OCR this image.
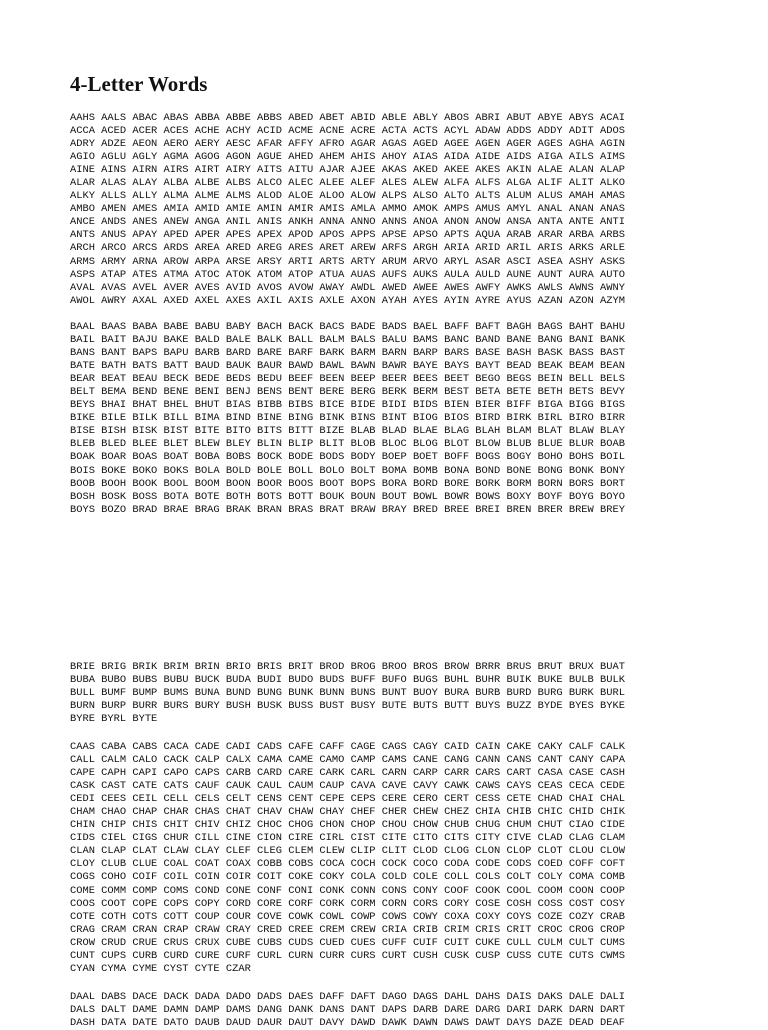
4-Letter Words
AAHS AALS ABAC ABAS ABBA ABBE ABBS ABED ABET ABID ABLE ABLY ABOS ABRI ABUT ABYE ABYS ACAI
ACCA ACED ACER ACES ACHE ACHY ACID ACME ACNE ACRE ACTA ACTS ACYL ADAW ADDS ADDY ADIT ADOS
ADRY ADZE AEON AERO AERY AESC AFAR AFFY AFRO AGAR AGAS AGED AGEE AGEN AGER AGES AGHA AGIN
AGIO AGLU AGLY AGMA AGOG AGON AGUE AHED AHEM AHIS AHOY AIAS AIDA AIDE AIDS AIGA AILS AIMS
AINE AINS AIRN AIRS AIRT AIRY AITS AITU AJAR AJEE AKAS AKED AKEE AKES AKIN ALAE ALAN ALAP
ALAR ALAS ALAY ALBA ALBE ALBS ALCO ALEC ALEE ALEF ALES ALEW ALFA ALFS ALGA ALIF ALIT ALKO
ALKY ALLS ALLY ALMA ALME ALMS ALOD ALOE ALOO ALOW ALPS ALSO ALTO ALTS ALUM ALUS AMAH AMAS
AMBO AMEN AMES AMIA AMID AMIE AMIN AMIR AMIS AMLA AMMO AMOK AMPS AMUS AMYL ANAL ANAN ANAS
ANCE ANDS ANES ANEW ANGA ANIL ANIS ANKH ANNA ANNO ANNS ANOA ANON ANOW ANSA ANTA ANTE ANTI
ANTS ANUS APAY APED APER APES APEX APOD APOS APPS APSE APSO APTS AQUA ARAB ARAR ARBA ARBS
ARCH ARCO ARCS ARDS AREA ARED AREG ARES ARET AREW ARFS ARGH ARIA ARID ARIL ARIS ARKS ARLE
ARMS ARMY ARNA AROW ARPA ARSE ARSY ARTI ARTS ARTY ARUM ARVO ARYL ASAR ASCI ASEA ASHY ASKS
ASPS ATAP ATES ATMA ATOC ATOK ATOM ATOP ATUA AUAS AUFS AUKS AULA AULD AUNE AUNT AURA AUTO
AVAL AVAS AVEL AVER AVES AVID AVOS AVOW AWAY AWDL AWED AWEE AWES AWFY AWKS AWLS AWNS AWNY
AWOL AWRY AXAL AXED AXEL AXES AXIL AXIS AXLE AXON AYAH AYES AYIN AYRE AYUS AZAN AZON AZYM
BAAL BAAS BABA BABE BABU BABY BACH BACK BACS BADE BADS BAEL BAFF BAFT BAGH BAGS BAHT BAHU
BAIL BAIT BAJU BAKE BALD BALE BALK BALL BALM BALS BALU BAMS BANC BAND BANE BANG BANI BANK
BANS BANT BAPS BAPU BARB BARD BARE BARF BARK BARM BARN BARP BARS BASE BASH BASK BASS BAST
BATE BATH BATS BATT BAUD BAUK BAUR BAWD BAWL BAWN BAWR BAYE BAYS BAYT BEAD BEAK BEAM BEAN
BEAR BEAT BEAU BECK BEDE BEDS BEDU BEEF BEEN BEEP BEER BEES BEET BEGO BEGS BEIN BELL BELS
BELT BEMA BEND BENE BENI BENJ BENS BENT BERE BERG BERK BERM BEST BETA BETE BETH BETS BEVY
BEYS BHAI BHAT BHEL BHUT BIAS BIBB BIBS BICE BIDE BIDI BIDS BIEN BIER BIFF BIGA BIGG BIGS
BIKE BILE BILK BILL BIMA BIND BINE BING BINK BINS BINT BIOG BIOS BIRD BIRK BIRL BIRO BIRR
BISE BISH BISK BIST BITE BITO BITS BITT BIZE BLAB BLAD BLAE BLAG BLAH BLAM BLAT BLAW BLAY
BLEB BLED BLEE BLET BLEW BLEY BLIN BLIP BLIT BLOB BLOC BLOG BLOT BLOW BLUB BLUE BLUR BOAB
BOAK BOAR BOAS BOAT BOBA BOBS BOCK BODE BODS BODY BOEP BOET BOFF BOGS BOGY BOHO BOHS BOIL
BOIS BOKE BOKO BOKS BOLA BOLD BOLE BOLL BOLO BOLT BOMA BOMB BONA BOND BONE BONG BONK BONY
BOOB BOOH BOOK BOOL BOOM BOON BOOR BOOS BOOT BOPS BORA BORD BORE BORK BORM BORN BORS BORT
BOSH BOSK BOSS BOTA BOTE BOTH BOTS BOTT BOUK BOUN BOUT BOWL BOWR BOWS BOXY BOYF BOYG BOYO
BOYS BOZO BRAD BRAE BRAG BRAK BRAN BRAS BRAT BRAW BRAY BRED BREE BREI BREN BRER BREW BREY
BRIE BRIG BRIK BRIM BRIN BRIO BRIS BRIT BROD BROG BROO BROS BROW BRRR BRUS BRUT BRUX BUAT
BUBA BUBO BUBS BUBU BUCK BUDA BUDI BUDO BUDS BUFF BUFO BUGS BUHL BUHR BUIK BUKE BULB BULK
BULL BUMF BUMP BUMS BUNA BUND BUNG BUNK BUNN BUNS BUNT BUOY BURA BURB BURD BURG BURK BURL
BURN BURP BURR BURS BURY BUSH BUSK BUSS BUST BUSY BUTE BUTS BUTT BUYS BUZZ BYDE BYES BYKE
BYRE BYRL BYTE
CAAS CABA CABS CACA CADE CADI CADS CAFE CAFF CAGE CAGS CAGY CAID CAIN CAKE CAKY CALF CALK
CALL CALM CALO CACK CALP CALX CAMA CAME CAMO CAMP CAMS CANE CANG CANN CANS CANT CANY CAPA
CAPE CAPH CAPI CAPO CAPS CARB CARD CARE CARK CARL CARN CARP CARR CARS CART CASA CASE CASH
CASK CAST CATE CATS CAUF CAUK CAUL CAUM CAUP CAVA CAVE CAVY CAWK CAWS CAYS CEAS CECA CEDE
CEDI CEES CEIL CELL CELS CELT CENS CENT CEPE CEPS CERE CERO CERT CESS CETE CHAD CHAI CHAL
CHAM CHAO CHAP CHAR CHAS CHAT CHAV CHAW CHAY CHEF CHER CHEW CHEZ CHIA CHIB CHIC CHID CHIK
CHIN CHIP CHIS CHIT CHIV CHIZ CHOC CHOG CHON CHOP CHOU CHOW CHUB CHUG CHUM CHUT CIAO CIDE
CIDS CIEL CIGS CHUR CILL CINE CION CIRE CIRL CIST CITE CITO CITS CITY CIVE CLAD CLAG CLAM
CLAN CLAP CLAT CLAW CLAY CLEF CLEG CLEM CLEW CLIP CLIT CLOD CLOG CLON CLOP CLOT CLOU CLOW
CLOY CLUB CLUE COAL COAT COAX COBB COBS COCA COCH COCK COCO CODA CODE CODS COED COFF COFT
COGS COHO COIF COIL COIN COIR COIT COKE COKY COLA COLD COLE COLL COLS COLT COLY COMA COMB
COME COMM COMP COMS COND CONE CONF CONI CONK CONN CONS CONY COOF COOK COOL COOM COON COOP
COOS COOT COPE COPS COPY CORD CORE CORF CORK CORM CORN CORS CORY COSE COSH COSS COST COSY
COTE COTH COTS COTT COUP COUR COVE COWK COWL COWP COWS COWY COXA COXY COYS COZE COZY CRAB
CRAG CRAM CRAN CRAP CRAW CRAY CRED CREE CREM CREW CRIA CRIB CRIM CRIS CRIT CROC CROG CROP
CROW CRUD CRUE CRUS CRUX CUBE CUBS CUDS CUED CUES CUFF CUIF CUIT CUKE CULL CULM CULT CUMS
CUNT CUPS CURB CURD CURE CURF CURL CURN CURR CURS CURT CUSH CUSK CUSP CUSS CUTE CUTS CWMS
CYAN CYMA CYME CYST CYTE CZAR
DAAL DABS DACE DACK DADA DADO DADS DAES DAFF DAFT DAGO DAGS DAHL DAHS DAIS DAKS DALE DALI
DALS DALT DAME DAMN DAMP DAMS DANG DANK DANS DANT DAPS DARB DARE DARG DARI DARK DARN DART
DASH DATA DATE DATO DAUB DAUD DAUR DAUT DAVY DAWD DAWK DAWN DAWS DAWT DAYS DAZE DEAD DEAF
